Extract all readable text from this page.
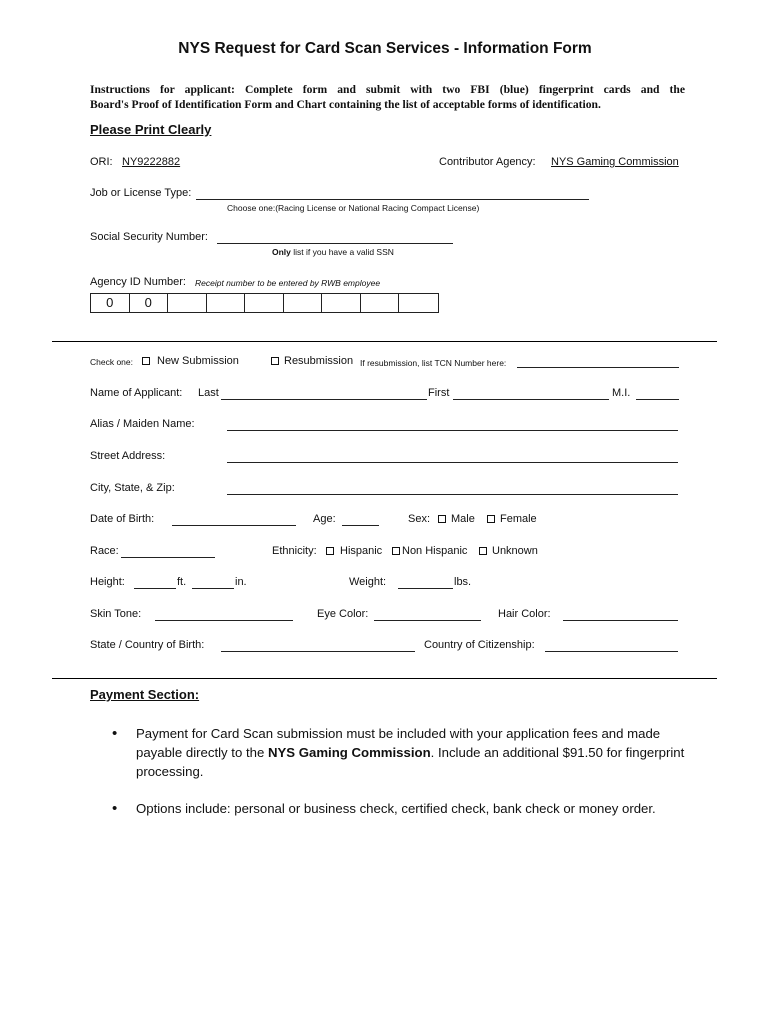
NYS Request for Card Scan Services - Information Form
Instructions for applicant: Complete form and submit with two FBI (blue) fingerprint cards and the
Board's Proof of Identification Form and Chart containing the list of acceptable forms of identification.
Please Print Clearly
ORI: NY9222882	Contributor Agency: NYS Gaming Commission
Job or License Type:
Choose one:(Racing License or National Racing Compact License)
Social Security Number:
Only list if you have a valid SSN
Agency ID Number: Receipt number to be entered by RWB employee
0	0
Check one: New Submission	Resubmission If resubmission, list TCN Number here:
Name of Applicant: Last	First	M.I.
Alias / Maiden Name:
Street Address:
City, State, & Zip:
Date of Birth:	Age:	Sex: Male Female
Race:	Ethnicity: Hispanic Non Hispanic Unknown
Height:	ft.	in.	Weight:	lbs.
Skin Tone:	Eye Color:	Hair Color:
State / Country of Birth:	Country of Citizenship:
Payment Section:
• Payment for Card Scan submission must be included with your application fees and made payable directly to the NYS Gaming Commission. Include an additional $91.50 for fingerprint processing.
• Options include: personal or business check, certified check, bank check or money order.
